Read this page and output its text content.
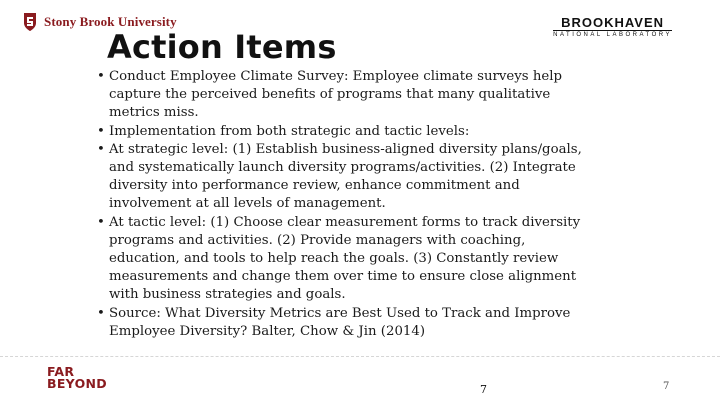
Stony Brook University	BROOKHAVEN
NATIONAL LABORATORY
Action Items
• Conduct Employee Climate Survey: Employee climate surveys help capture the perceived benefits of programs that many qualitative metrics miss.
• Implementation from both strategic and tactic levels:
• At strategic level: (1) Establish business-aligned diversity plans/goals, and systematically launch diversity programs/activities. (2) Integrate diversity into performance review, enhance commitment and involvement at all levels of management.
• At tactic level: (1) Choose clear measurement forms to track diversity programs and activities. (2) Provide managers with coaching, education, and tools to help reach the goals. (3) Constantly review measurements and change them over time to ensure close alignment with business strategies and goals.
• Source: What Diversity Metrics are Best Used to Track and Improve Employee Diversity? Balter, Chow & Jin (2014)
FAR
BEYOND	7	7
